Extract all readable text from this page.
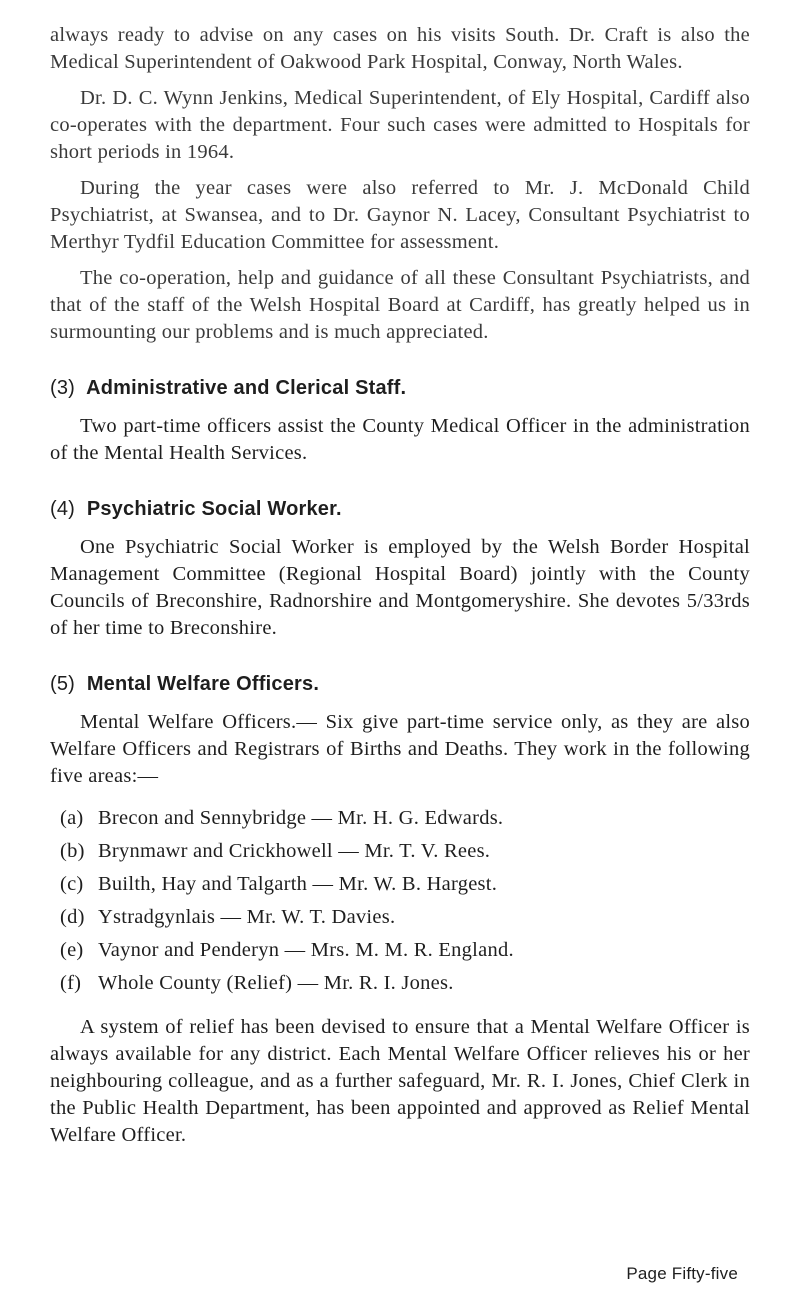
always ready to advise on any cases on his visits South. Dr. Craft is also the Medical Superintendent of Oakwood Park Hospital, Conway, North Wales.

Dr. D. C. Wynn Jenkins, Medical Superintendent, of Ely Hospital, Cardiff also co-operates with the department. Four such cases were admitted to Hospitals for short periods in 1964.

During the year cases were also referred to Mr. J. McDonald Child Psychiatrist, at Swansea, and to Dr. Gaynor N. Lacey, Consultant Psychiatrist to Merthyr Tydfil Education Committee for assessment.

The co-operation, help and guidance of all these Consultant Psychiatrists, and that of the staff of the Welsh Hospital Board at Cardiff, has greatly helped us in surmounting our problems and is much appreciated.

(3) Administrative and Clerical Staff.

Two part-time officers assist the County Medical Officer in the administration of the Mental Health Services.

(4) Psychiatric Social Worker.

One Psychiatric Social Worker is employed by the Welsh Border Hospital Management Committee (Regional Hospital Board) jointly with the County Councils of Breconshire, Radnorshire and Montgomeryshire. She devotes 5/33rds of her time to Breconshire.

(5) Mental Welfare Officers.

Mental Welfare Officers.— Six give part-time service only, as they are also Welfare Officers and Registrars of Births and Deaths. They work in the following five areas:—

(a) Brecon and Sennybridge — Mr. H. G. Edwards.
(b) Brynmawr and Crickhowell — Mr. T. V. Rees.
(c) Builth, Hay and Talgarth — Mr. W. B. Hargest.
(d) Ystradgynlais — Mr. W. T. Davies.
(e) Vaynor and Penderyn — Mrs. M. M. R. England.
(f) Whole County (Relief) — Mr. R. I. Jones.

A system of relief has been devised to ensure that a Mental Welfare Officer is always available for any district. Each Mental Welfare Officer relieves his or her neighbouring colleague, and as a further safeguard, Mr. R. I. Jones, Chief Clerk in the Public Health Department, has been appointed and approved as Relief Mental Welfare Officer.

Page Fifty-five
